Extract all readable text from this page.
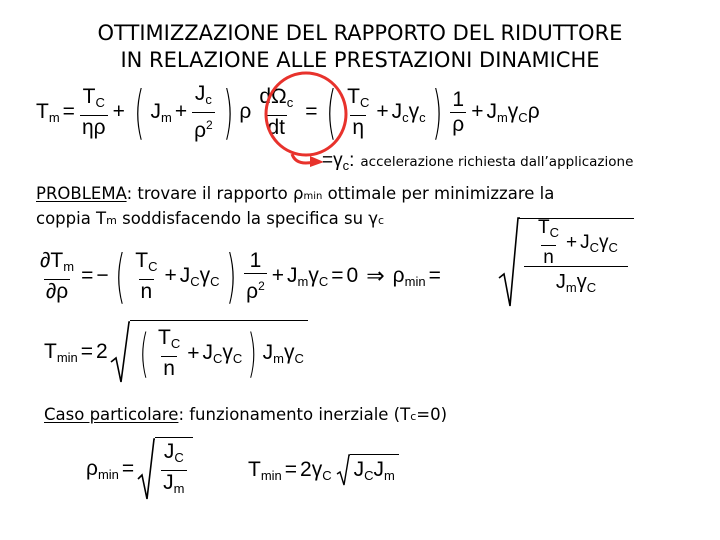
OTTIMIZZAZIONE DEL RAPPORTO DEL RIDUTTORE
IN RELAZIONE ALLE PRESTAZIONI DINAMICHE
$T_m = \frac{T_C}{\eta\rho}$ + ( $J_m + \frac{J_c}{\rho^2}$ ) ρ $\frac{d\Omega_c}{dt}$ = ( $\frac{T_C}{\eta} + J_c\gamma_c$ ) $\frac{1}{\rho} + J_m\gamma_C\rho$
$=\gamma_c$: accelerazione richiesta dall’applicazione
PROBLEMA: trovare il rapporto ρmin ottimale per minimizzare la
coppia Tm soddisfacendo la specifica su γc
$\frac{\partial T_m}{\partial\rho}$ = − ( $\frac{T_C}{n} + J_C\gamma_C$ ) $\frac{1}{\rho^2} + J_m\gamma_C = 0$ ⇒ $\rho_{min}$ =
$\frac{T_C}{n} + J_C\gamma_C$
$J_m\gamma_C$
$T_{min} = 2$ ( $\frac{T_C}{n} + J_C\gamma_C$ ) $J_m\gamma_C$
Caso particolare: funzionamento inerziale (Tc=0)
$\rho_{min} = \frac{J_C}{J_m}$	$T_{min} = 2$ $\gamma_C$ $J_CJ_m$
